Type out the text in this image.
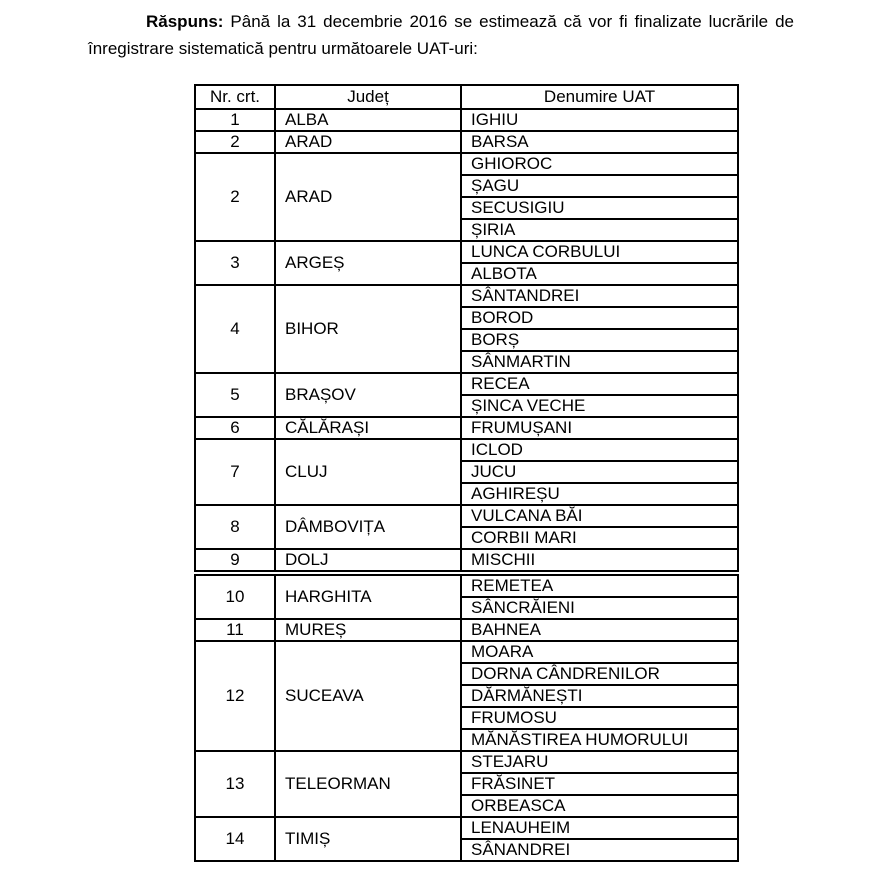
Răspuns: Până la 31 decembrie 2016 se estimează că vor fi finalizate lucrările de

înregistrare sistematică pentru următoarele UAT-uri:

Nr. crt.	Județ	Denumire UAT
1	ALBA	IGHIU
2	ARAD	BARSA
2	ARAD	GHIOROC
		ȘAGU
		SECUSIGIU
		ȘIRIA
3	ARGEȘ	LUNCA CORBULUI
		ALBOTA
4	BIHOR	SÂNTANDREI
		BOROD
		BORȘ
		SÂNMARTIN
5	BRAȘOV	RECEA
		ȘINCA VECHE
6	CĂLĂRAȘI	FRUMUȘANI
7	CLUJ	ICLOD
		JUCU
		AGHIREȘU
8	DÂMBOVIȚA	VULCANA BĂI
		CORBII MARI
9	DOLJ	MISCHII
10	HARGHITA	REMETEA
		SÂNCRĂIENI
11	MUREȘ	BAHNEA
12	SUCEAVA	MOARA
		DORNA CÂNDRENILOR
		DĂRMĂNEȘTI
		FRUMOSU
		MĂNĂSTIREA HUMORULUI
13	TELEORMAN	STEJARU
		FRĂSINET
		ORBEASCA
14	TIMIȘ	LENAUHEIM
		SÂNANDREI
